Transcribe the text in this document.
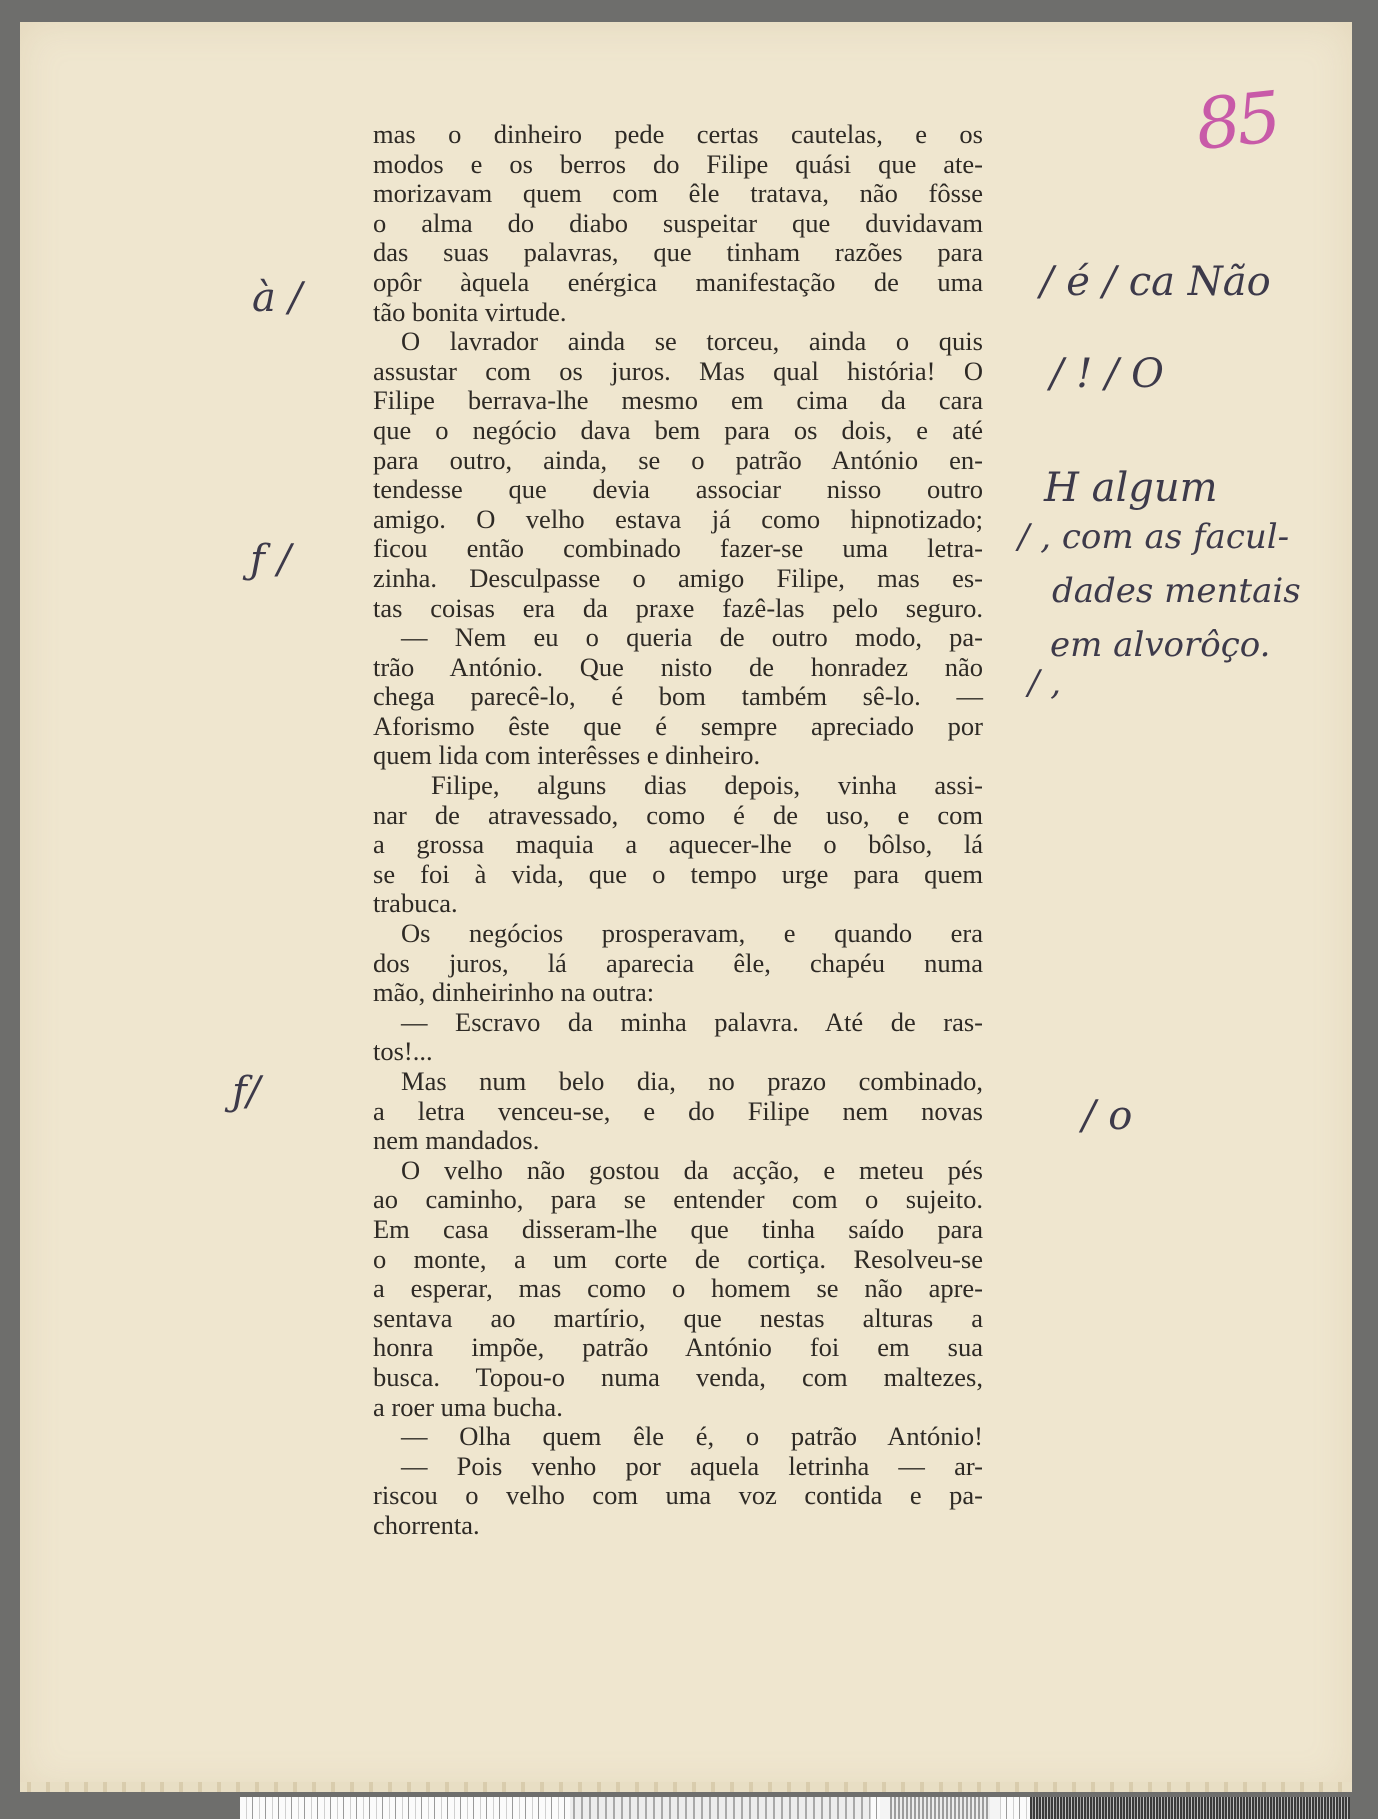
85

mas o dinheiro pede certas cautelas, e os
modos e os berros do Filipe quási que ate-
morizavam quem com êle tratava, não fôsse
o alma do diabo suspeitar que duvidavam
das suas palavras, que tinham razões para
opôr àquela enérgica manifestação de uma
tão bonita virtude.
O lavrador ainda se torceu, ainda o quis
assustar com os juros. Mas qual história! O
Filipe berrava-lhe mesmo em cima da cara
que o negócio dava bem para os dois, e até
para outro, ainda, se o patrão António en-
tendesse que devia associar nisso outro
amigo. O velho estava já como hipnotizado;
ficou então combinado fazer-se uma letra-
zinha. Desculpasse o amigo Filipe, mas es-
tas coisas era da praxe fazê-las pelo seguro.
— Nem eu o queria de outro modo, pa-
trão António. Que nisto de honradez não
chega parecê-lo, é bom também sê-lo. —
Aforismo êste que é sempre apreciado por
quem lida com interêsses e dinheiro.
Filipe, alguns dias depois, vinha assi-
nar de atravessado, como é de uso, e com
a grossa maquia a aquecer-lhe o bôlso, lá
se foi à vida, que o tempo urge para quem
trabuca.
Os negócios prosperavam, e quando era
dos juros, lá aparecia êle, chapéu numa
mão, dinheirinho na outra:
— Escravo da minha palavra. Até de ras-
tos!...
Mas num belo dia, no prazo combinado,
a letra venceu-se, e do Filipe nem novas
nem mandados.
O velho não gostou da acção, e meteu pés
ao caminho, para se entender com o sujeito.
Em casa disseram-lhe que tinha saído para
o monte, a um corte de cortiça. Resolveu-se
a esperar, mas como o homem se não apre-
sentava ao martírio, que nestas alturas a
honra impõe, patrão António foi em sua
busca. Topou-o numa venda, com maltezes,
a roer uma bucha.
— Olha quem êle é, o patrão António!
— Pois venho por aquela letrinha — ar-
riscou o velho com uma voz contida e pa-
chorrenta.

à /

ƒ /

ƒ/

/ é / ca Não

/ ! / O

H algum

/ , com as facul-

dades mentais

em alvorôço.

/ ,

/ o
